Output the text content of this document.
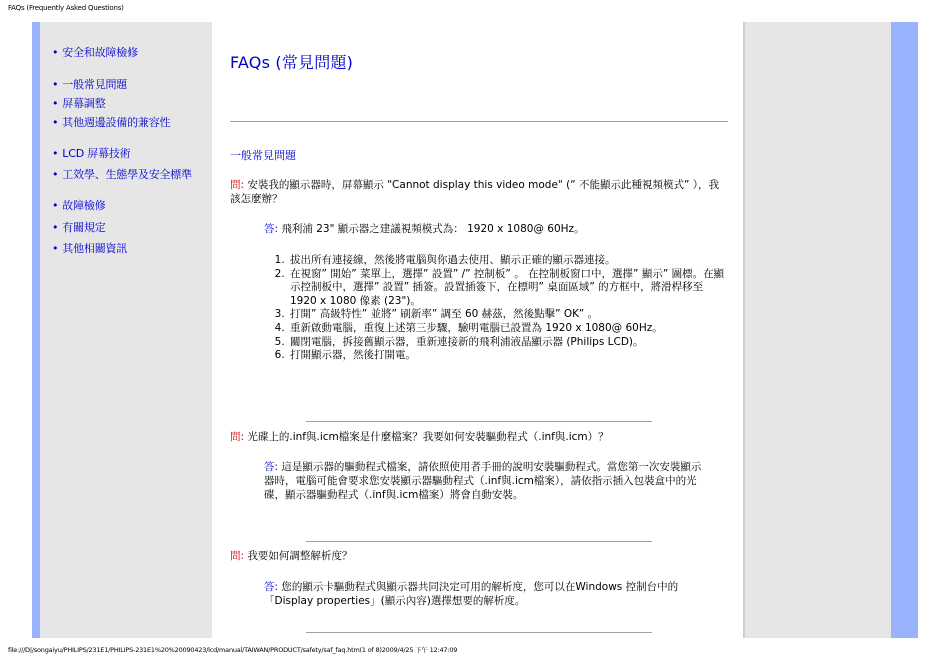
FAQs (Frequently Asked Questions)
• 安全和故障檢修
• 一般常見問題
• 屏幕調整
• 其他週邊設備的兼容性
• LCD 屏幕技術
• 工效學、生態學及安全標準
• 故障檢修
• 有關規定
• 其他相關資訊
FAQs (常見問題)
一般常見問題
問: 安裝我的顯示器時，屏幕顯示 "Cannot display this video mode" (“ 不能顯示此種視頻模式” ），我該怎麼辦？
答: 飛利浦 23" 顯示器之建議視頻模式為： 1920 x 1080@ 60Hz。
1. 拔出所有連接線，然後將電腦與你過去使用、顯示正確的顯示器連接。
2. 在視窗” 開始” 菜單上，選擇” 設置” /” 控制板” 。 在控制板窗口中，選擇” 顯示” 圖標。在顯示控制板中，選擇” 設置” 插簽。設置插簽下，在標明” 桌面區域” 的方框中，將滑桿移至 1920 x 1080 像素 (23")。
3. 打開” 高級特性” 並將” 刷新率” 調至 60 赫茲，然後點擊” OK” 。
4. 重新啟動電腦，重復上述第三步驟，驗明電腦已設置為 1920 x 1080@ 60Hz。
5. 關閉電腦，拆接舊顯示器，重新連接新的飛利浦液晶顯示器 (Philips LCD)。
6. 打開顯示器，然後打開電。
問: 光碟上的.inf與.icm檔案是什麼檔案？我要如何安裝驅動程式（.inf與.icm）？
答: 這是顯示器的驅動程式檔案，請依照使用者手冊的說明安裝驅動程式。當您第一次安裝顯示器時，電腦可能會要求您安裝顯示器驅動程式（.inf與.icm檔案），請依指示插入包裝盒中的光碟，顯示器驅動程式（.inf與.icm檔案）將會自動安裝。
問: 我要如何調整解析度？
答: 您的顯示卡驅動程式與顯示器共同決定可用的解析度，您可以在Windows 控制台中的「Display properties」(顯示內容)選擇想要的解析度。
file:///D|/songaiyu/PHILIPS/231E1/PHILIPS-231E1%20%20090423/lcd/manual/TAIWAN/PRODUCT/safety/saf_faq.htm(1 of 8)2009/4/25 下午 12:47:09
